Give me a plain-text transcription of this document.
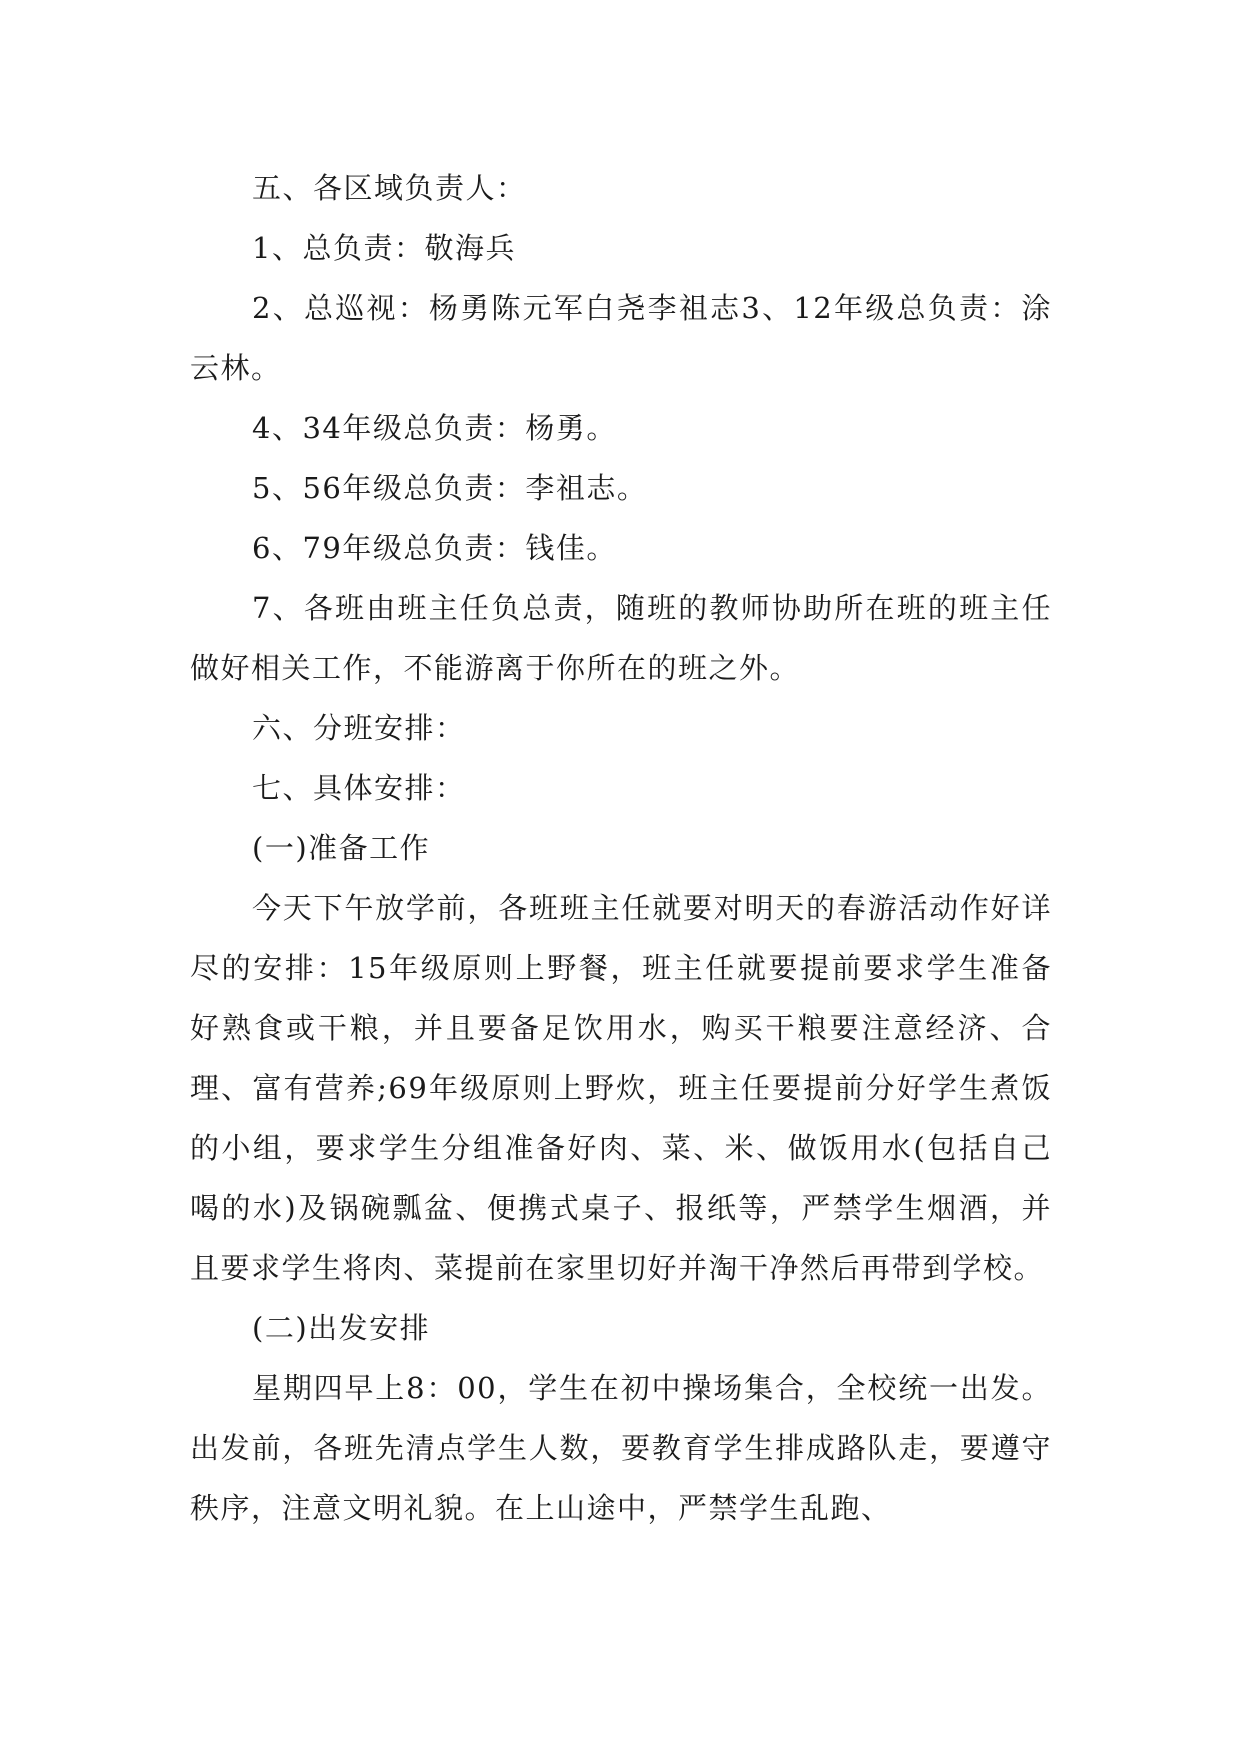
五、各区域负责人：

1、总负责：敬海兵

2、总巡视：杨勇陈元军白尧李祖志3、12年级总负责：涂云林。

4、34年级总负责：杨勇。

5、56年级总负责：李祖志。

6、79年级总负责：钱佳。

7、各班由班主任负总责，随班的教师协助所在班的班主任做好相关工作，不能游离于你所在的班之外。

六、分班安排：

七、具体安排：

(一)准备工作

今天下午放学前，各班班主任就要对明天的春游活动作好详尽的安排：15年级原则上野餐，班主任就要提前要求学生准备好熟食或干粮，并且要备足饮用水，购买干粮要注意经济、合理、富有营养;69年级原则上野炊，班主任要提前分好学生煮饭的小组，要求学生分组准备好肉、菜、米、做饭用水(包括自己喝的水)及锅碗瓢盆、便携式桌子、报纸等，严禁学生烟酒，并且要求学生将肉、菜提前在家里切好并淘干净然后再带到学校。

(二)出发安排

星期四早上8：00，学生在初中操场集合，全校统一出发。出发前，各班先清点学生人数，要教育学生排成路队走，要遵守秩序，注意文明礼貌。在上山途中，严禁学生乱跑、
